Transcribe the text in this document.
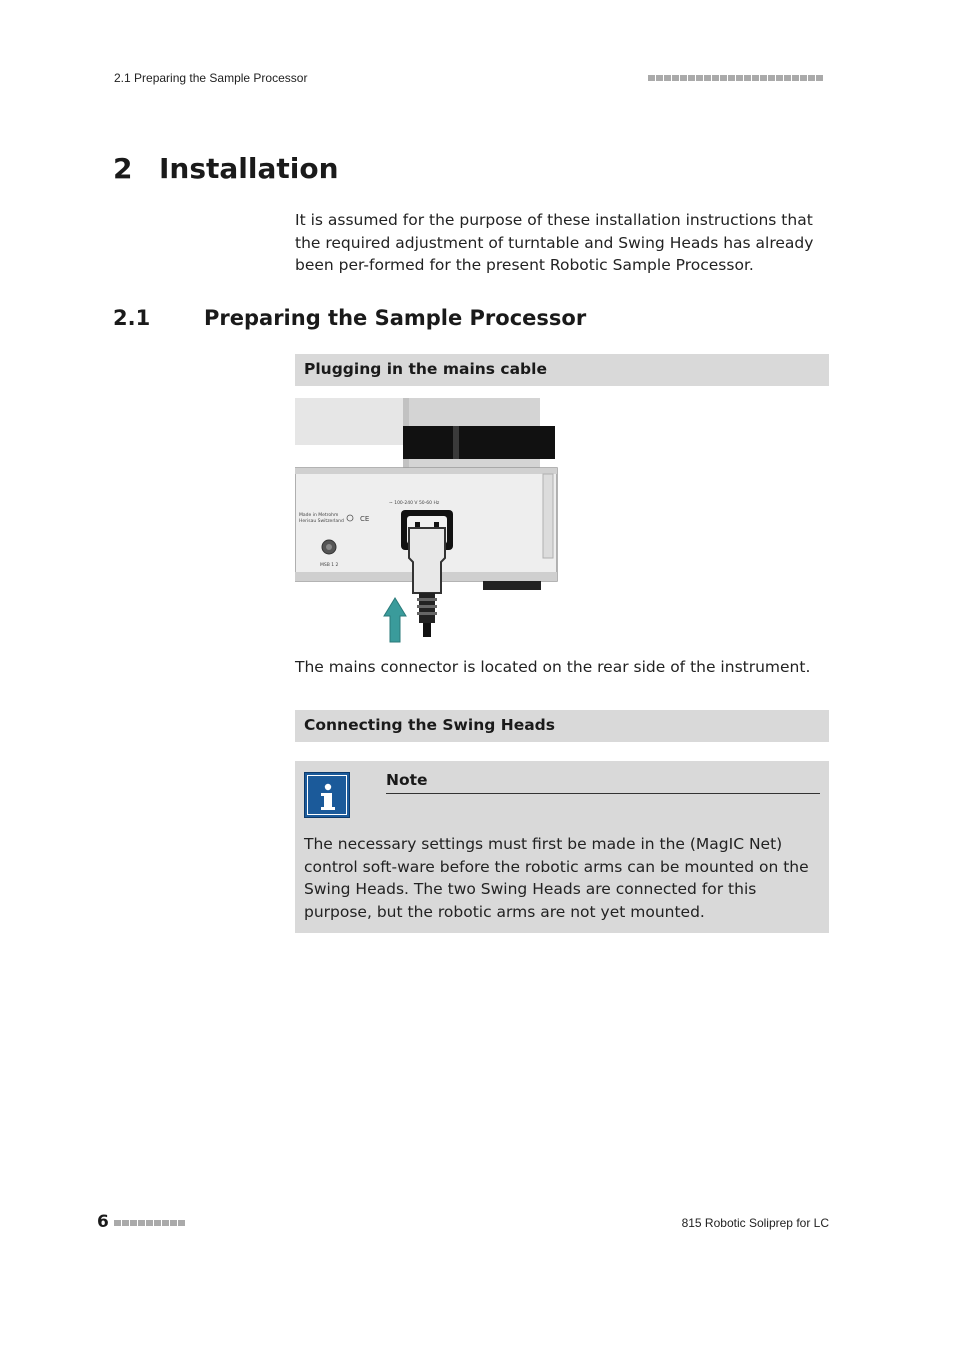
2.1 Preparing the Sample Processor
2 Installation
It is assumed for the purpose of these installation instructions that the required adjustment of turntable and Swing Heads has already been per-formed for the present Robotic Sample Processor.
2.1	Preparing the Sample Processor
Plugging in the mains cable
Made in Metrohm
Herisau Switzerland
~ 100-240 V 50-60 Hz
MSB 1 2
CE
The mains connector is located on the rear side of the instrument.
Connecting the Swing Heads
Note
The necessary settings must first be made in the (MagIC Net) control soft-ware before the robotic arms can be mounted on the Swing Heads. The two Swing Heads are connected for this purpose, but the robotic arms are not yet mounted.
6	815 Robotic Soliprep for LC
